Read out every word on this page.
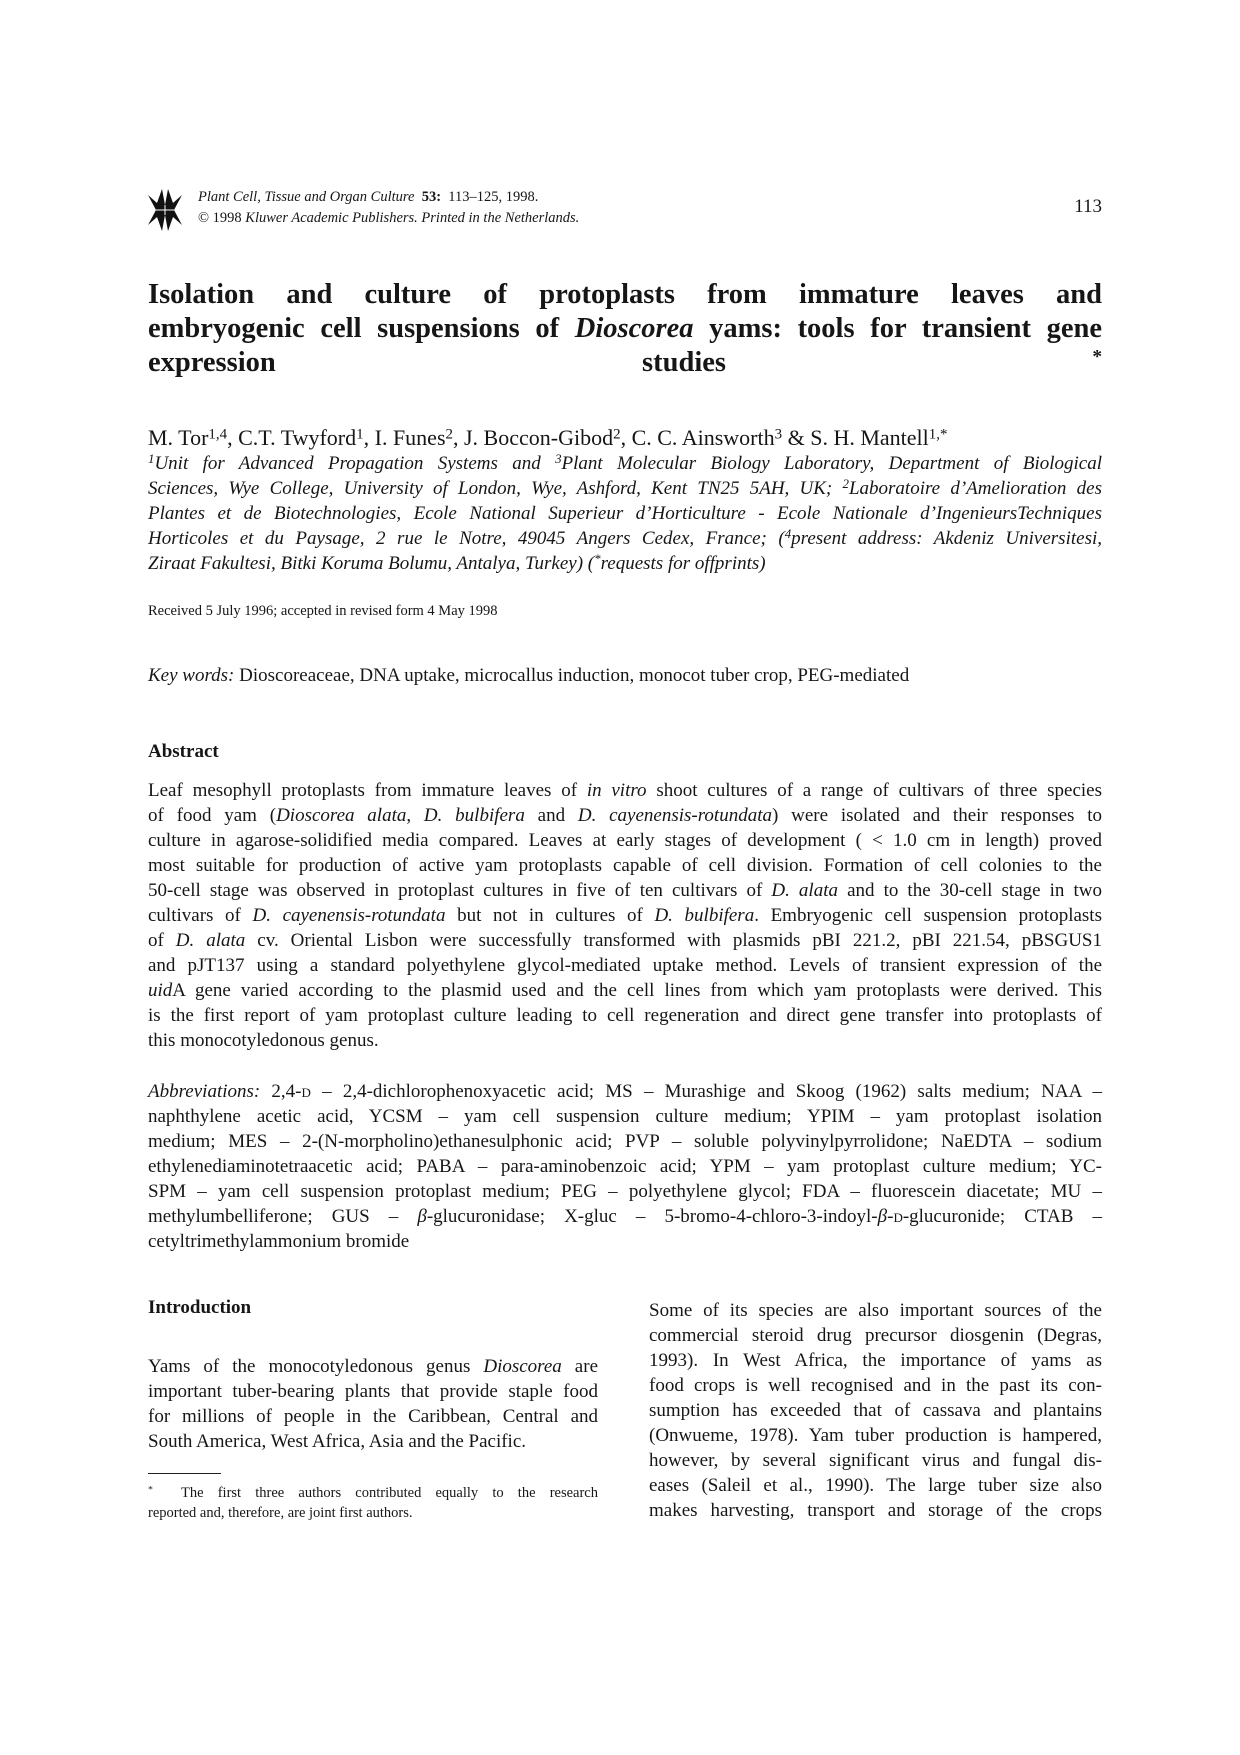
Plant Cell, Tissue and Organ Culture 53: 113–125, 1998.
© 1998 Kluwer Academic Publishers. Printed in the Netherlands.
113
Isolation and culture of protoplasts from immature leaves and
embryogenic cell suspensions of Dioscorea yams: tools for transient gene
expression studies *
M. Tor$^{1,4}$, C.T. Twyford$^1$, I. Funes$^2$, J. Boccon-Gibod$^2$, C. C. Ainsworth$^3$ & S. H. Mantell$^{1,*}$
$^1$Unit for Advanced Propagation Systems and $^3$Plant Molecular Biology Laboratory, Department of Biological
Sciences, Wye College, University of London, Wye, Ashford, Kent TN25 5AH, UK; $^2$Laboratoire d’Amelioration des
Plantes et de Biotechnologies, Ecole National Superieur d’Horticulture - Ecole Nationale d’IngenieursTechniques
Horticoles et du Paysage, 2 rue le Notre, 49045 Angers Cedex, France; ($^4$present address: Akdeniz Universitesi,
Ziraat Fakultesi, Bitki Koruma Bolumu, Antalya, Turkey) (*requests for offprints)
Received 5 July 1996; accepted in revised form 4 May 1998
Key words: Dioscoreaceae, DNA uptake, microcallus induction, monocot tuber crop, PEG-mediated
Abstract
Leaf mesophyll protoplasts from immature leaves of in vitro shoot cultures of a range of cultivars of three species
of food yam (Dioscorea alata, D. bulbifera and D. cayenensis-rotundata) were isolated and their responses to
culture in agarose-solidified media compared. Leaves at early stages of development ( < 1.0 cm in length) proved
most suitable for production of active yam protoplasts capable of cell division. Formation of cell colonies to the
50-cell stage was observed in protoplast cultures in five of ten cultivars of D. alata and to the 30-cell stage in two
cultivars of D. cayenensis-rotundata but not in cultures of D. bulbifera. Embryogenic cell suspension protoplasts
of D. alata cv. Oriental Lisbon were successfully transformed with plasmids pBI 221.2, pBI 221.54, pBSGUS1
and pJT137 using a standard polyethylene glycol-mediated uptake method. Levels of transient expression of the
uidA gene varied according to the plasmid used and the cell lines from which yam protoplasts were derived. This
is the first report of yam protoplast culture leading to cell regeneration and direct gene transfer into protoplasts of
this monocotyledonous genus.
Abbreviations: 2,4-d – 2,4-dichlorophenoxyacetic acid; MS – Murashige and Skoog (1962) salts medium; NAA –
naphthylene acetic acid, YCSM – yam cell suspension culture medium; YPIM – yam protoplast isolation
medium; MES – 2-(N-morpholino)ethanesulphonic acid; PVP – soluble polyvinylpyrrolidone; NaEDTA – sodium
ethylenediaminotetraacetic acid; PABA – para-aminobenzoic acid; YPM – yam protoplast culture medium; YC-
SPM – yam cell suspension protoplast medium; PEG – polyethylene glycol; FDA – fluorescein diacetate; MU –
methylumbelliferone; GUS – β-glucuronidase; X-gluc – 5-bromo-4-chloro-3-indoyl-β-d-glucuronide; CTAB –
cetyltrimethylammonium bromide
Introduction
Yams of the monocotyledonous genus Dioscorea are
important tuber-bearing plants that provide staple food
for millions of people in the Caribbean, Central and
South America, West Africa, Asia and the Pacific.
*  The first three authors contributed equally to the research
reported and, therefore, are joint first authors.
Some of its species are also important sources of the
commercial steroid drug precursor diosgenin (Degras,
1993). In West Africa, the importance of yams as
food crops is well recognised and in the past its con-
sumption has exceeded that of cassava and plantains
(Onwueme, 1978). Yam tuber production is hampered,
however, by several significant virus and fungal dis-
eases (Saleil et al., 1990). The large tuber size also
makes harvesting, transport and storage of the crops
